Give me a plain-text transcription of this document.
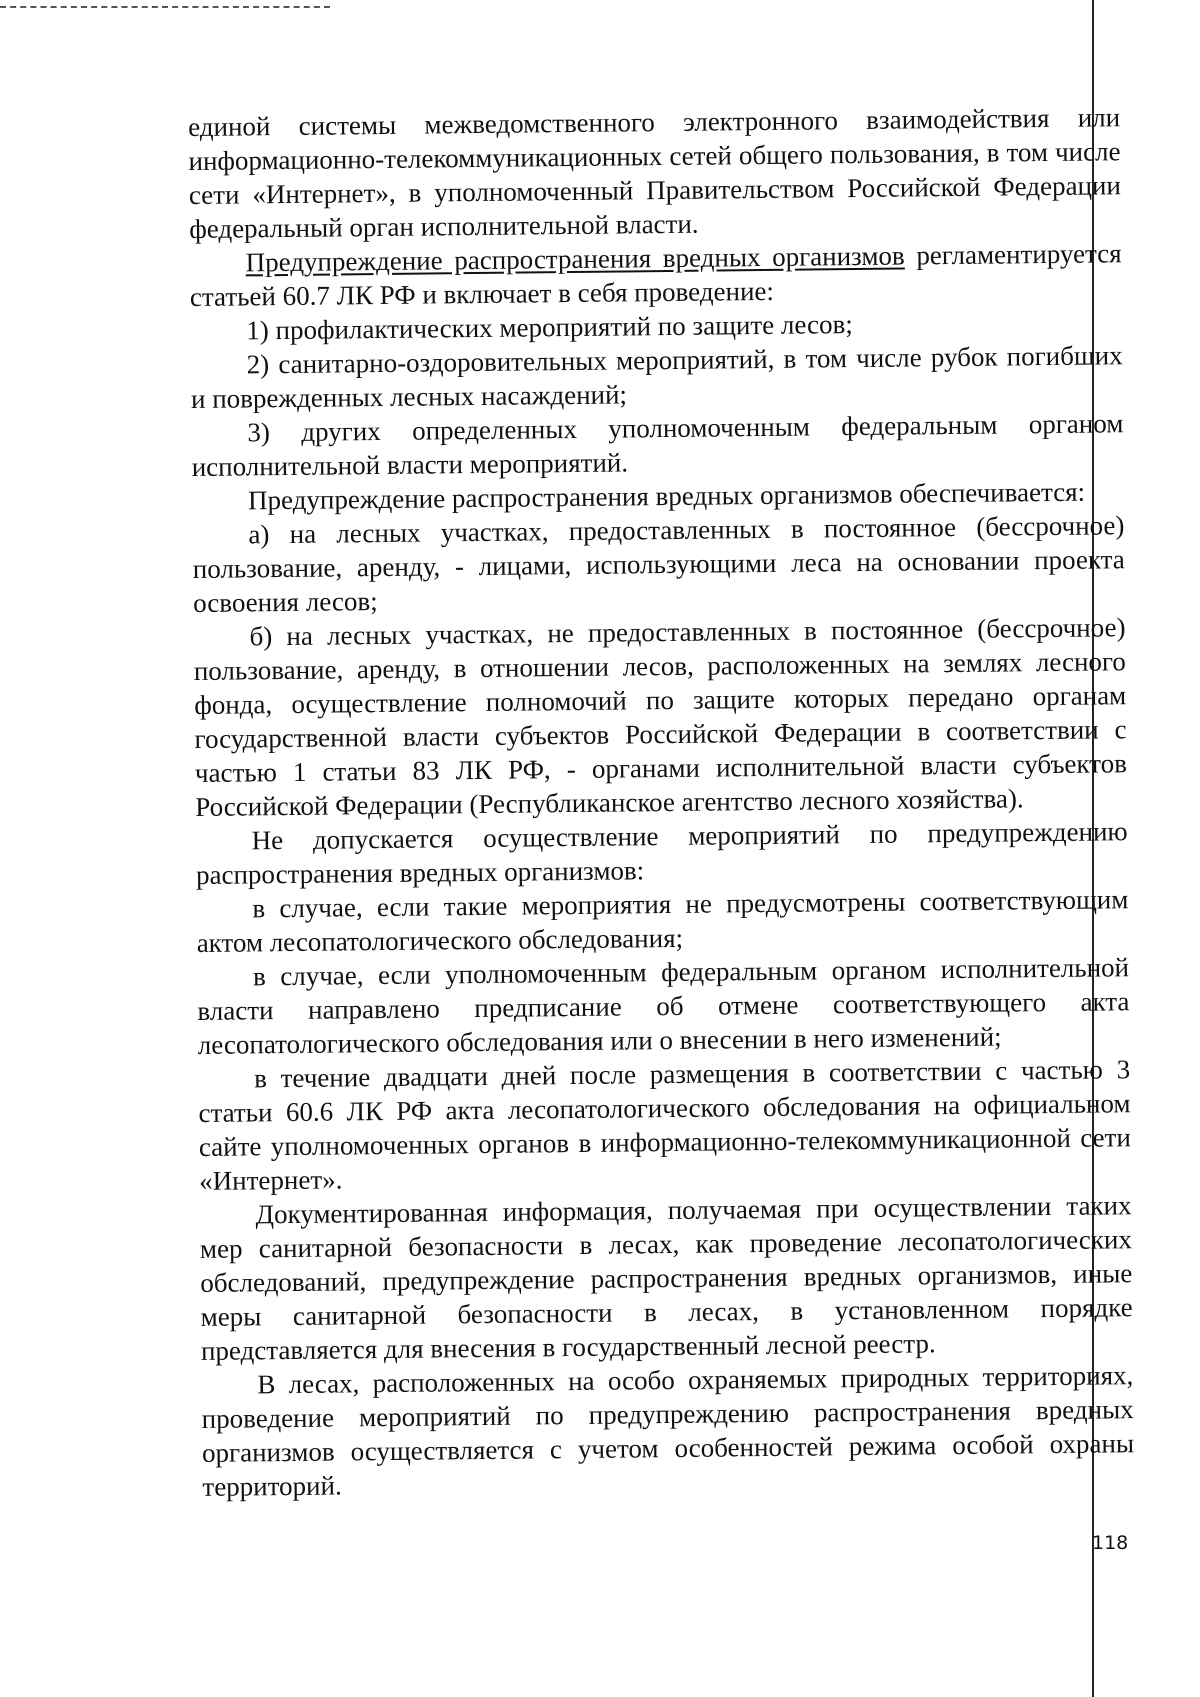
единой системы межведомственного электронного взаимодействия или информационно-телекоммуникационных сетей общего пользования, в том числе сети «Интернет», в уполномоченный Правительством Российской Федерации федеральный орган исполнительной власти.

Предупреждение распространения вредных организмов регламентируется статьей 60.7 ЛК РФ и включает в себя проведение:

1) профилактических мероприятий по защите лесов;

2) санитарно-оздоровительных мероприятий, в том числе рубок погибших и поврежденных лесных насаждений;

3) других определенных уполномоченным федеральным органом исполнительной власти мероприятий.

Предупреждение распространения вредных организмов обеспечивается:

а) на лесных участках, предоставленных в постоянное (бессрочное) пользование, аренду, - лицами, использующими леса на основании проекта освоения лесов;

б) на лесных участках, не предоставленных в постоянное (бессрочное) пользование, аренду, в отношении лесов, расположенных на землях лесного фонда, осуществление полномочий по защите которых передано органам государственной власти субъектов Российской Федерации в соответствии с частью 1 статьи 83 ЛК РФ, - органами исполнительной власти субъектов Российской Федерации (Республиканское агентство лесного хозяйства).

Не допускается осуществление мероприятий по предупреждению распространения вредных организмов:

в случае, если такие мероприятия не предусмотрены соответствующим актом лесопатологического обследования;

в случае, если уполномоченным федеральным органом исполнительной власти направлено предписание об отмене соответствующего акта лесопатологического обследования или о внесении в него изменений;

в течение двадцати дней после размещения в соответствии с частью 3 статьи 60.6 ЛК РФ акта лесопатологического обследования на официальном сайте уполномоченных органов в информационно-телекоммуникационной сети «Интернет».

Документированная информация, получаемая при осуществлении таких мер санитарной безопасности в лесах, как проведение лесопатологических обследований, предупреждение распространения вредных организмов, иные меры санитарной безопасности в лесах, в установленном порядке представляется для внесения в государственный лесной реестр.

В лесах, расположенных на особо охраняемых природных территориях, проведение мероприятий по предупреждению распространения вредных организмов осуществляется с учетом особенностей режима особой охраны территорий.

118
